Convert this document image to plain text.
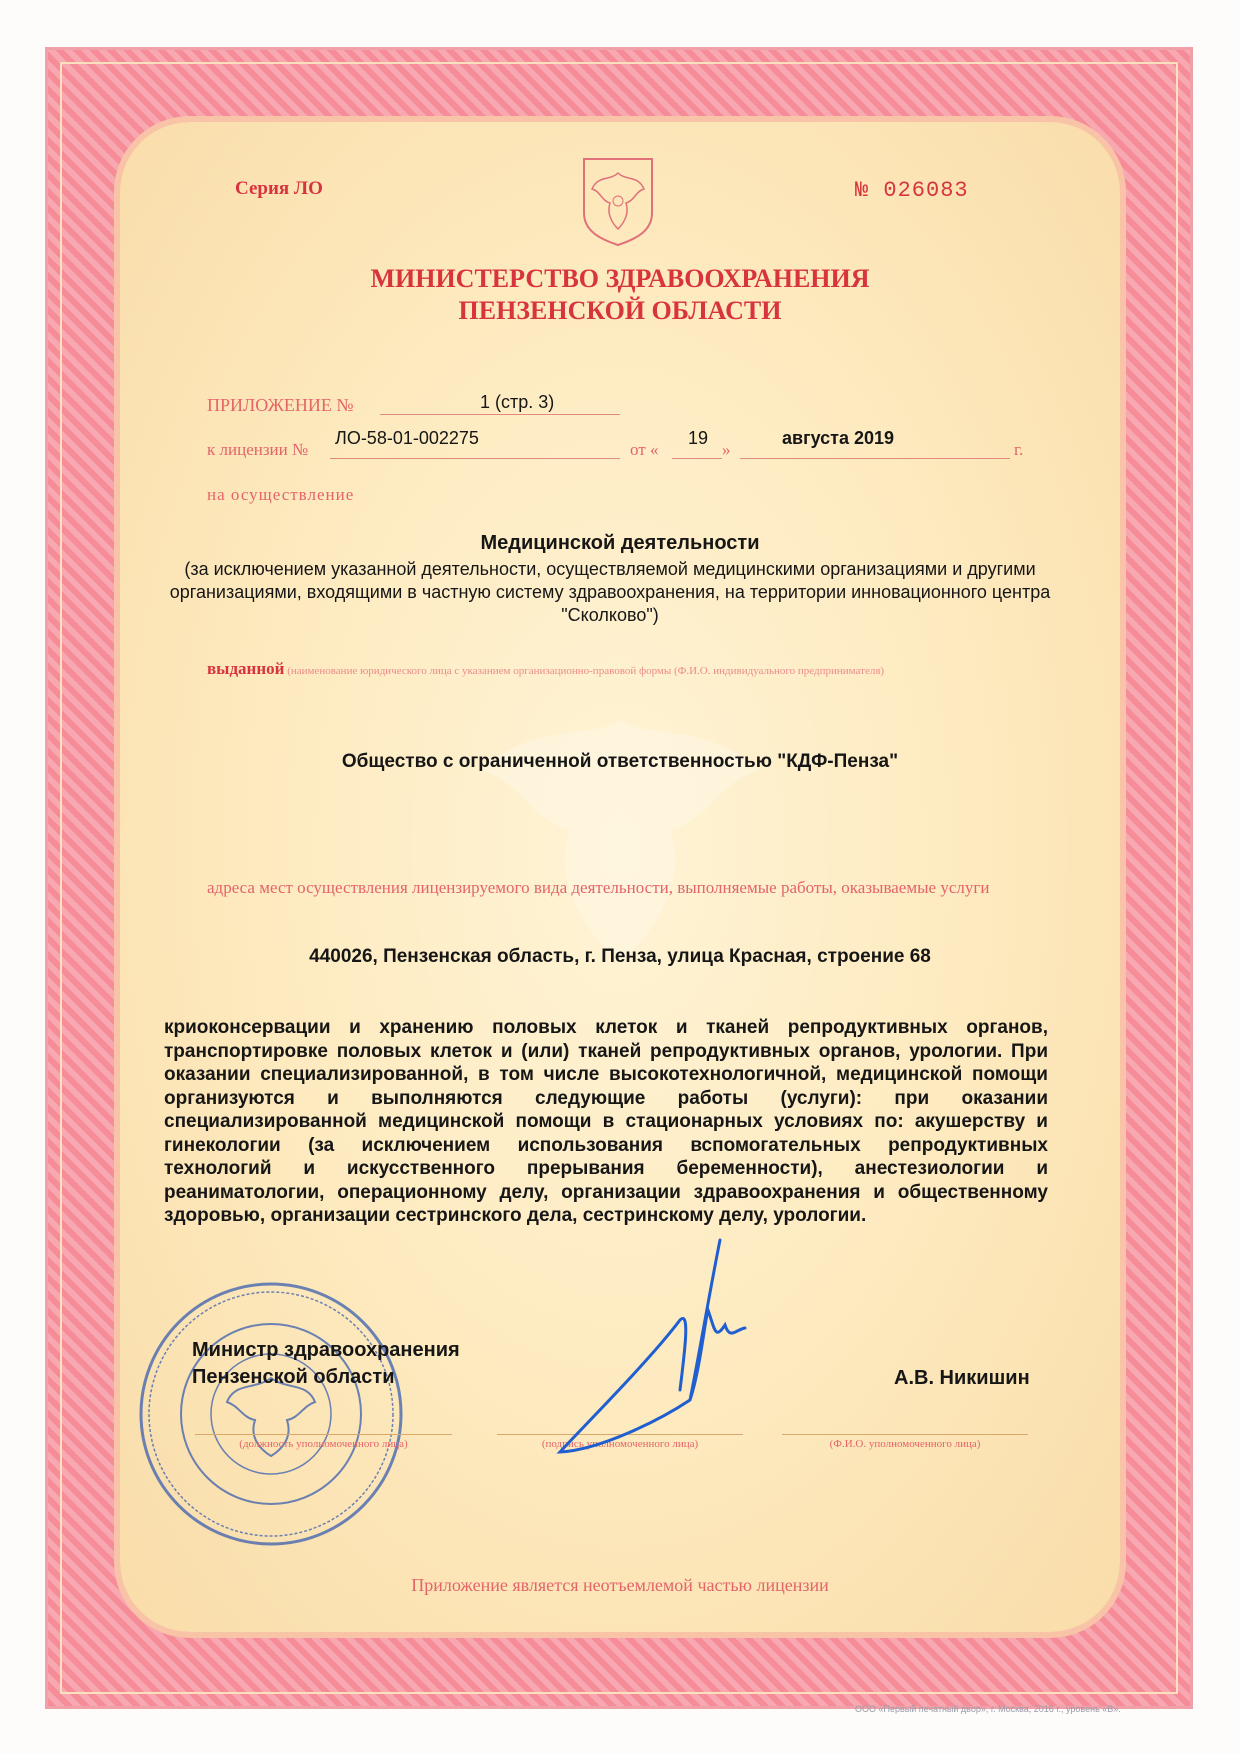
Серия ЛО	№ 026083
МИНИСТЕРСТВО ЗДРАВООХРАНЕНИЯ
ПЕНЗЕНСКОЙ ОБЛАСТИ
ПРИЛОЖЕНИЕ №	1 (стр. 3)
к лицензии №
ЛО-58-01-002275
от «
19
»
августа 2019
г.
на осуществление
Медицинской деятельности
(за исключением указанной деятельности, осуществляемой медицинскими организациями и другими организациями, входящими в частную систему здравоохранения, на территории инновационного центра "Сколково")
выданной (наименование юридического лица с указанием организационно-правовой формы (Ф.И.О. индивидуального предпринимателя)
Общество с ограниченной ответственностью "КДФ-Пенза"
адреса мест осуществления лицензируемого вида деятельности, выполняемые работы, оказываемые услуги
440026, Пензенская область, г. Пенза, улица Красная, строение 68
криоконсервации и хранению половых клеток и тканей репродуктивных органов, транспортировке половых клеток и (или) тканей репродуктивных органов, урологии. При оказании специализированной, в том числе высокотехнологичной, медицинской помощи организуются и выполняются следующие работы (услуги): при оказании специализированной медицинской помощи в стационарных условиях по: акушерству и гинекологии (за исключением использования вспомогательных репродуктивных технологий и искусственного прерывания беременности), анестезиологии и реаниматологии, операционному делу, организации здравоохранения и общественному здоровью, организации сестринского дела, сестринскому делу, урологии.
Министр здравоохранения
Пензенской области	А.В. Никишин
(должность уполномоченного лица)	(подпись уполномоченного лица)	(Ф.И.О. уполномоченного лица)
Приложение является неотъемлемой частью лицензии
ООО «Первый печатный двор», г. Москва, 2016 г., уровень «В».
